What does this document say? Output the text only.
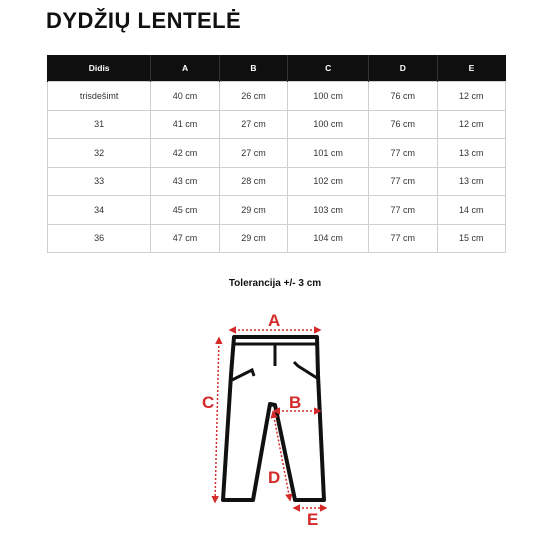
DYDŽIŲ LENTELĖ
Didis	A	B	C	D	E
trisdešimt	40 cm	26 cm	100 cm	76 cm	12 cm
31	41 cm	27 cm	100 cm	76 cm	12 cm
32	42 cm	27 cm	101 cm	77 cm	13 cm
33	43 cm	28 cm	102 cm	77 cm	13 cm
34	45 cm	29 cm	103 cm	77 cm	14 cm
36	47 cm	29 cm	104 cm	77 cm	15 cm
Tolerancija +/- 3 cm
A
C	B
D
E
